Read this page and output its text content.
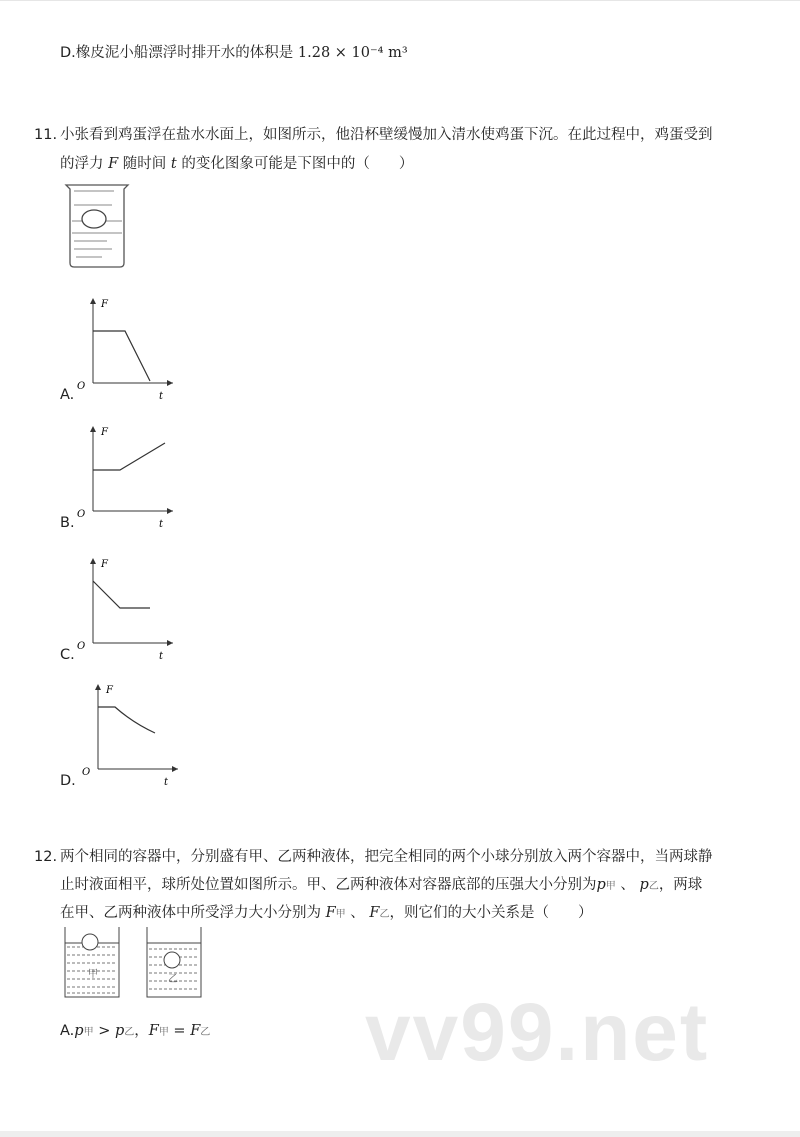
D.橡皮泥小船漂浮时排开水的体积是 1.28 × 10⁻⁴ m³
11. 小张看到鸡蛋浮在盐水水面上，如图所示，他沿杯壁缓慢加入清水使鸡蛋下沉。在此过程中，鸡蛋受到
的浮力 F 随时间 t 的变化图象可能是下图中的（　　）
A.
F
t
O
B.
F
t
O
C.
F
t
O
D.
F
t
O
12. 两个相同的容器中，分别盛有甲、乙两种液体，把完全相同的两个小球分别放入两个容器中，当两球静
止时液面相平，球所处位置如图所示。甲、乙两种液体对容器底部的压强大小分别为p甲 、 p乙，两球
在甲、乙两种液体中所受浮力大小分别为 F甲 、 F乙，则它们的大小关系是（　　）
甲	乙
A.p甲 > p乙，F甲 = F乙 vv99.net
